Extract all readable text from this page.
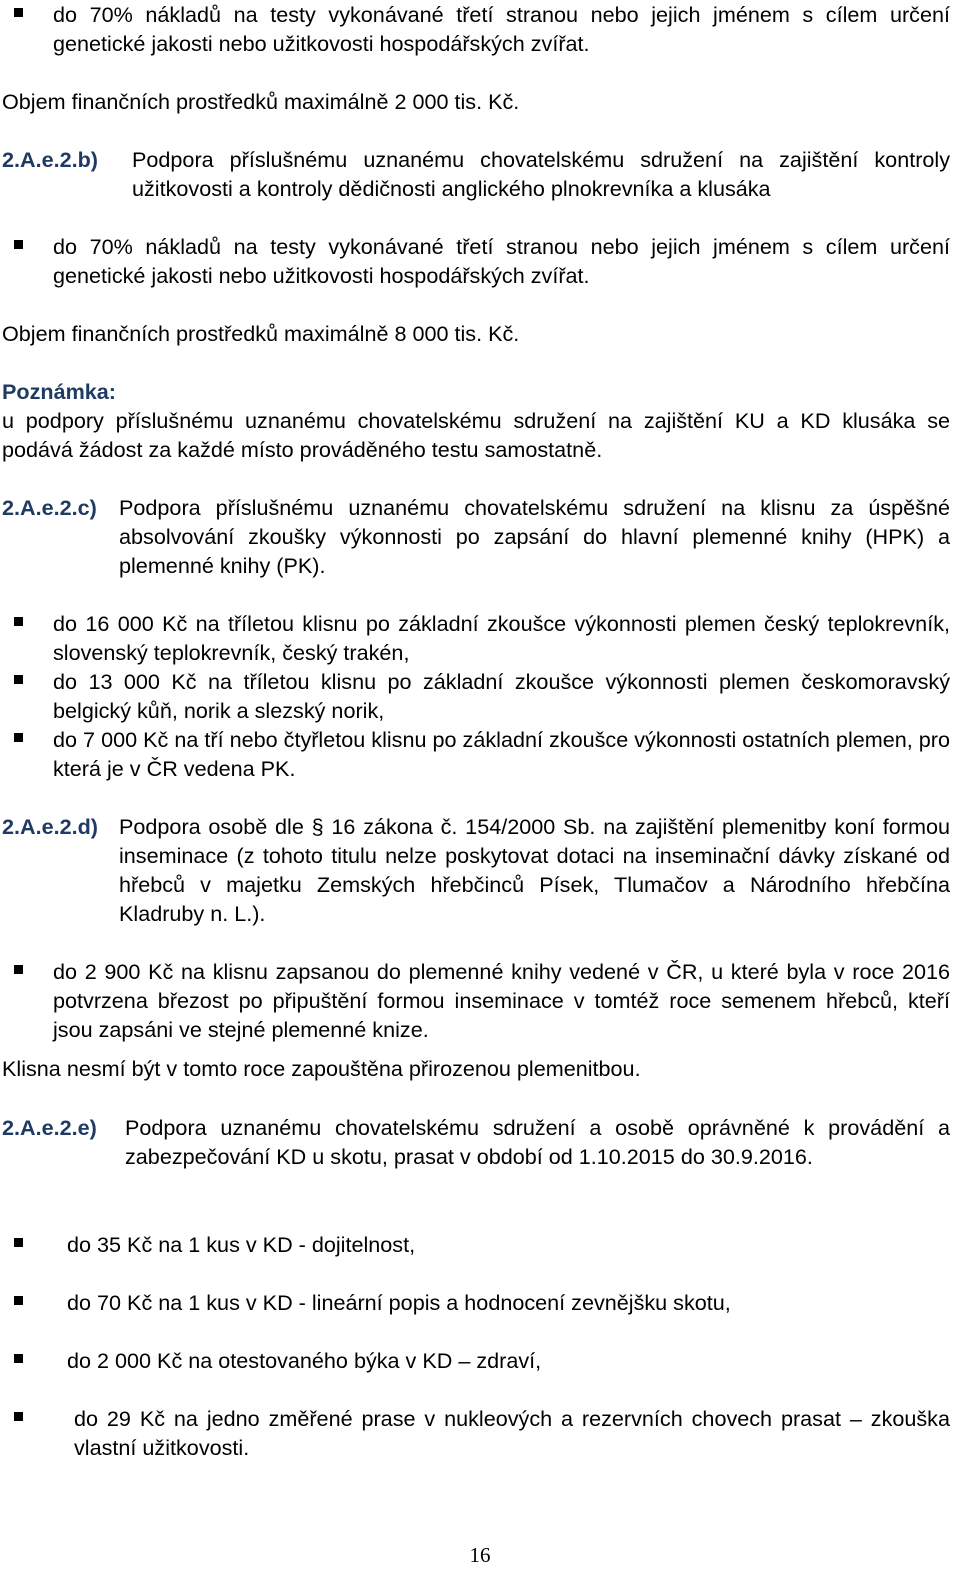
do 70% nákladů na testy vykonávané třetí stranou nebo jejich jménem s cílem určení genetické jakosti nebo užitkovosti hospodářských zvířat.
Objem finančních prostředků maximálně 2 000 tis. Kč.
2.A.e.2.b) Podpora příslušnému uznanému chovatelskému sdružení na zajištění kontroly užitkovosti a kontroly dědičnosti anglického plnokrevníka a klusáka
do 70% nákladů na testy vykonávané třetí stranou nebo jejich jménem s cílem určení genetické jakosti nebo užitkovosti hospodářských zvířat.
Objem finančních prostředků maximálně 8 000 tis. Kč.
Poznámka:
u podpory příslušnému uznanému chovatelskému sdružení na zajištění KU a KD klusáka se podává žádost za každé místo prováděného testu samostatně.
2.A.e.2.c) Podpora příslušnému uznanému chovatelskému sdružení na klisnu za úspěšné absolvování zkoušky výkonnosti po zapsání do hlavní plemenné knihy (HPK) a plemenné knihy (PK).
do 16 000 Kč na tříletou klisnu po základní zkoušce výkonnosti plemen český teplokrevník, slovenský teplokrevník, český trakén,
do 13 000 Kč na tříletou klisnu po základní zkoušce výkonnosti plemen českomoravský belgický kůň, norik a slezský norik,
do 7 000 Kč na tří nebo čtyřletou klisnu po základní zkoušce výkonnosti ostatních plemen, pro která je v ČR vedena PK.
2.A.e.2.d) Podpora osobě dle § 16 zákona č. 154/2000 Sb. na zajištění plemenitby koní formou inseminace (z tohoto titulu nelze poskytovat dotaci na inseminační dávky získané od hřebců v majetku Zemských hřebčinců Písek, Tlumačov a Národního hřebčína Kladruby n. L.).
do 2 900 Kč na klisnu zapsanou do plemenné knihy vedené v ČR, u které byla v roce 2016 potvrzena březost po připuštění formou inseminace v tomtéž roce semenem hřebců, kteří jsou zapsáni ve stejné plemenné knize.
Klisna nesmí být v tomto roce zapouštěna přirozenou plemenitbou.
2.A.e.2.e) Podpora uznanému chovatelskému sdružení a osobě oprávněné k provádění a zabezpečování KD u skotu, prasat v období od 1.10.2015 do 30.9.2016.
do 35 Kč na 1 kus v KD - dojitelnost,
do 70 Kč na 1 kus v KD - lineární popis a hodnocení zevnějšku skotu,
do 2 000 Kč na otestovaného býka v KD – zdraví,
do 29 Kč na jedno změřené prase v nukleových a rezervních chovech prasat – zkouška vlastní užitkovosti.
16
